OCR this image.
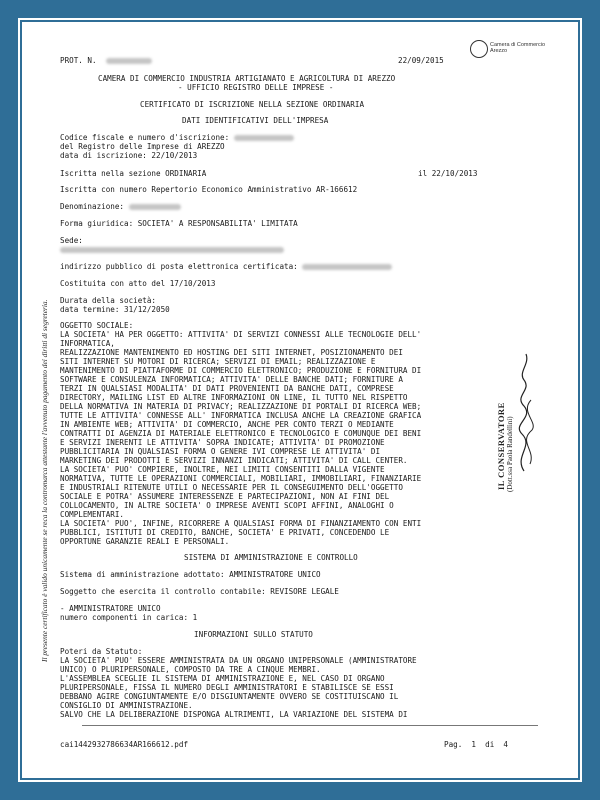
PROT. N.	22/09/2015
Camera di Commercio
Arezzo
CAMERA DI COMMERCIO INDUSTRIA ARTIGIANATO E AGRICOLTURA DI AREZZO
- UFFICIO REGISTRO DELLE IMPRESE -
CERTIFICATO DI ISCRIZIONE NELLA SEZIONE ORDINARIA
DATI IDENTIFICATIVI DELL'IMPRESA
Codice fiscale e numero d'iscrizione:
del Registro delle Imprese di AREZZO
data di iscrizione: 22/10/2013
Iscritta nella sezione ORDINARIA	il 22/10/2013
Iscritta con numero Repertorio Economico Amministrativo AR-166612
Denominazione:
Forma giuridica: SOCIETA' A RESPONSABILITA' LIMITATA
Sede:
indirizzo pubblico di posta elettronica certificata:
Costituita con atto del 17/10/2013
Durata della società:
data termine: 31/12/2050
OGGETTO SOCIALE:
LA SOCIETA' HA PER OGGETTO: ATTIVITA' DI SERVIZI CONNESSI ALLE TECNOLOGIE DELL'
INFORMATICA,
REALIZZAZIONE MANTENIMENTO ED HOSTING DEI SITI INTERNET, POSIZIONAMENTO DEI
SITI INTERNET SU MOTORI DI RICERCA; SERVIZI DI EMAIL; REALIZZAZIONE E
MANTENIMENTO DI PIATTAFORME DI COMMERCIO ELETTRONICO; PRODUZIONE E FORNITURA DI
SOFTWARE E CONSULENZA INFORMATICA; ATTIVITA' DELLE BANCHE DATI; FORNITURE A
TERZI IN QUALSIASI MODALITA' DI DATI PROVENIENTI DA BANCHE DATI, COMPRESE
DIRECTORY, MAILING LIST ED ALTRE INFORMAZIONI ON LINE, IL TUTTO NEL RISPETTO
DELLA NORMATIVA IN MATERIA DI PRIVACY; REALIZZAZIONE DI PORTALI DI RICERCA WEB;
TUTTE LE ATTIVITA' CONNESSE ALL' INFORMATICA INCLUSA ANCHE LA CREAZIONE GRAFICA
IN AMBIENTE WEB; ATTIVITA' DI COMMERCIO, ANCHE PER CONTO TERZI O MEDIANTE
CONTRATTI DI AGENZIA DI MATERIALE ELETTRONICO E TECNOLOGICO E COMUNQUE DEI BENI
E SERVIZI INERENTI LE ATTIVITA' SOPRA INDICATE; ATTIVITA' DI PROMOZIONE
PUBBLICITARIA IN QUALSIASI FORMA O GENERE IVI COMPRESE LE ATTIVITA' DI
MARKETING DEI PRODOTTI E SERVIZI INNANZI INDICATI; ATTIVITA' DI CALL CENTER.
LA SOCIETA' PUO' COMPIERE, INOLTRE, NEI LIMITI CONSENTITI DALLA VIGENTE
NORMATIVA, TUTTE LE OPERAZIONI COMMERCIALI, MOBILIARI, IMMOBILIARI, FINANZIARIE
E INDUSTRIALI RITENUTE UTILI O NECESSARIE PER IL CONSEGUIMENTO DELL'OGGETTO
SOCIALE E POTRA' ASSUMERE INTERESSENZE E PARTECIPAZIONI, NON AI FINI DEL
COLLOCAMENTO, IN ALTRE SOCIETA' O IMPRESE AVENTI SCOPI AFFINI, ANALOGHI O
COMPLEMENTARI.
LA SOCIETA' PUO', INFINE, RICORRERE A QUALSIASI FORMA DI FINANZIAMENTO CON ENTI
PUBBLICI, ISTITUTI DI CREDITO, BANCHE, SOCIETA' E PRIVATI, CONCEDENDO LE
OPPORTUNE GARANZIE REALI E PERSONALI.
SISTEMA DI AMMINISTRAZIONE E CONTROLLO
Sistema di amministrazione adottato: AMMINISTRATORE UNICO
Soggetto che esercita il controllo contabile: REVISORE LEGALE
- AMMINISTRATORE UNICO
numero componenti in carica: 1
INFORMAZIONI SULLO STATUTO
Poteri da Statuto:
LA SOCIETA' PUO' ESSERE AMMINISTRATA DA UN ORGANO UNIPERSONALE (AMMINISTRATORE
UNICO) O PLURIPERSONALE, COMPOSTO DA TRE A CINQUE MEMBRI.
L'ASSEMBLEA SCEGLIE IL SISTEMA DI AMMINISTRAZIONE E, NEL CASO DI ORGANO
PLURIPERSONALE, FISSA IL NUMERO DEGLI AMMINISTRATORI E STABILISCE SE ESSI
DEBBANO AGIRE CONGIUNTAMENTE E/O DISGIUNTAMENTE OVVERO SE COSTITUISCANO IL
CONSIGLIO DI AMMINISTRAZIONE.
SALVO CHE LA DELIBERAZIONE DISPONGA ALTRIMENTI, LA VARIAZIONE DEL SISTEMA DI
cai1442932786634AR166612.pdf	Pag.  1  di  4
Il presente certificato è valido unicamente se reca la contromarca attestante l'avvenuto pagamento dei diritti di segreteria.	IL CONSERVATORE (Dott.ssa Paola Randellini)
